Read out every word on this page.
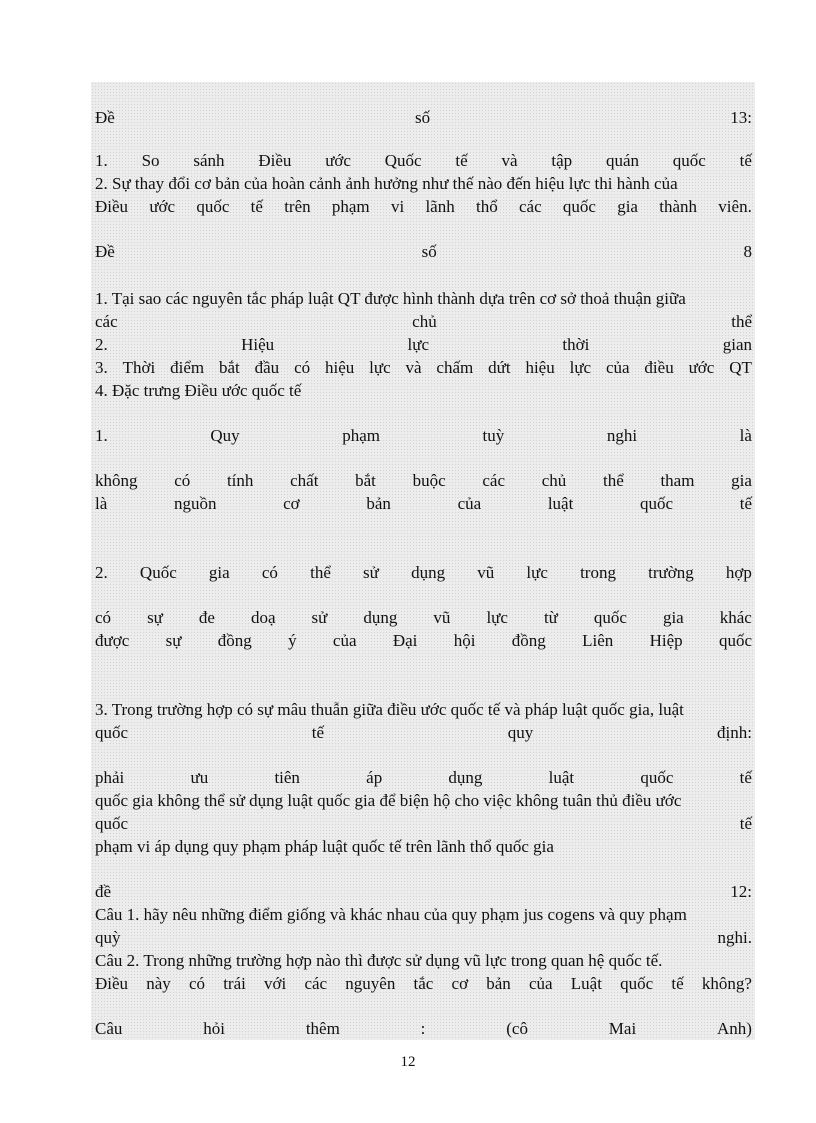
Đề	số	13:
1. So sánh Điều ước Quốc tế và tập quán quốc tế
2. Sự thay đổi cơ bản của hoàn cảnh ảnh hưởng như thế nào đến hiệu lực thi hành của
Điều ước quốc tế trên phạm vi lãnh thổ các quốc gia thành viên.
Đề	số	8
1. Tại sao các nguyên tắc pháp luật QT được hình thành dựa trên cơ sở thoả thuận giữa
các	chủ	thể
2.	Hiệu	lực	thời	gian
3. Thời điểm bắt đầu có hiệu lực và chấm dứt hiệu lực của điều ước QT
4. Đặc trưng Điều ước quốc tế
1.	Quy	phạm	tuỳ	nghi	là
không có tính chất bắt buộc các chủ thể tham gia
là	nguồn	cơ	bản	của	luật	quốc	tế
2. Quốc gia có thể sử dụng vũ lực trong trường hợp
có sự đe doạ sử dụng vũ lực từ quốc gia khác
được sự đồng ý của Đại hội đồng Liên Hiệp quốc
3. Trong trường hợp có sự mâu thuẫn giữa điều ước quốc tế và pháp luật quốc gia, luật
quốc	tế	quy	định:
phải	ưu	tiên	áp	dụng	luật	quốc	tế
quốc gia không thể sử dụng luật quốc gia để biện hộ cho việc không tuân thủ điều ước
quốc	tế
phạm vi áp dụng quy phạm pháp luật quốc tế trên lãnh thổ quốc gia
đề	12:
Câu 1. hãy nêu những điểm giống và khác nhau của quy phạm jus cogens và quy phạm
quỳ	nghi.
Câu 2. Trong những trường hợp nào thì được sử dụng vũ lực trong quan hệ quốc tế.
Điều này có trái với các nguyên tắc cơ bản của Luật quốc tế không?
Câu	hỏi	thêm	:	(cô	Mai	Anh)
12
